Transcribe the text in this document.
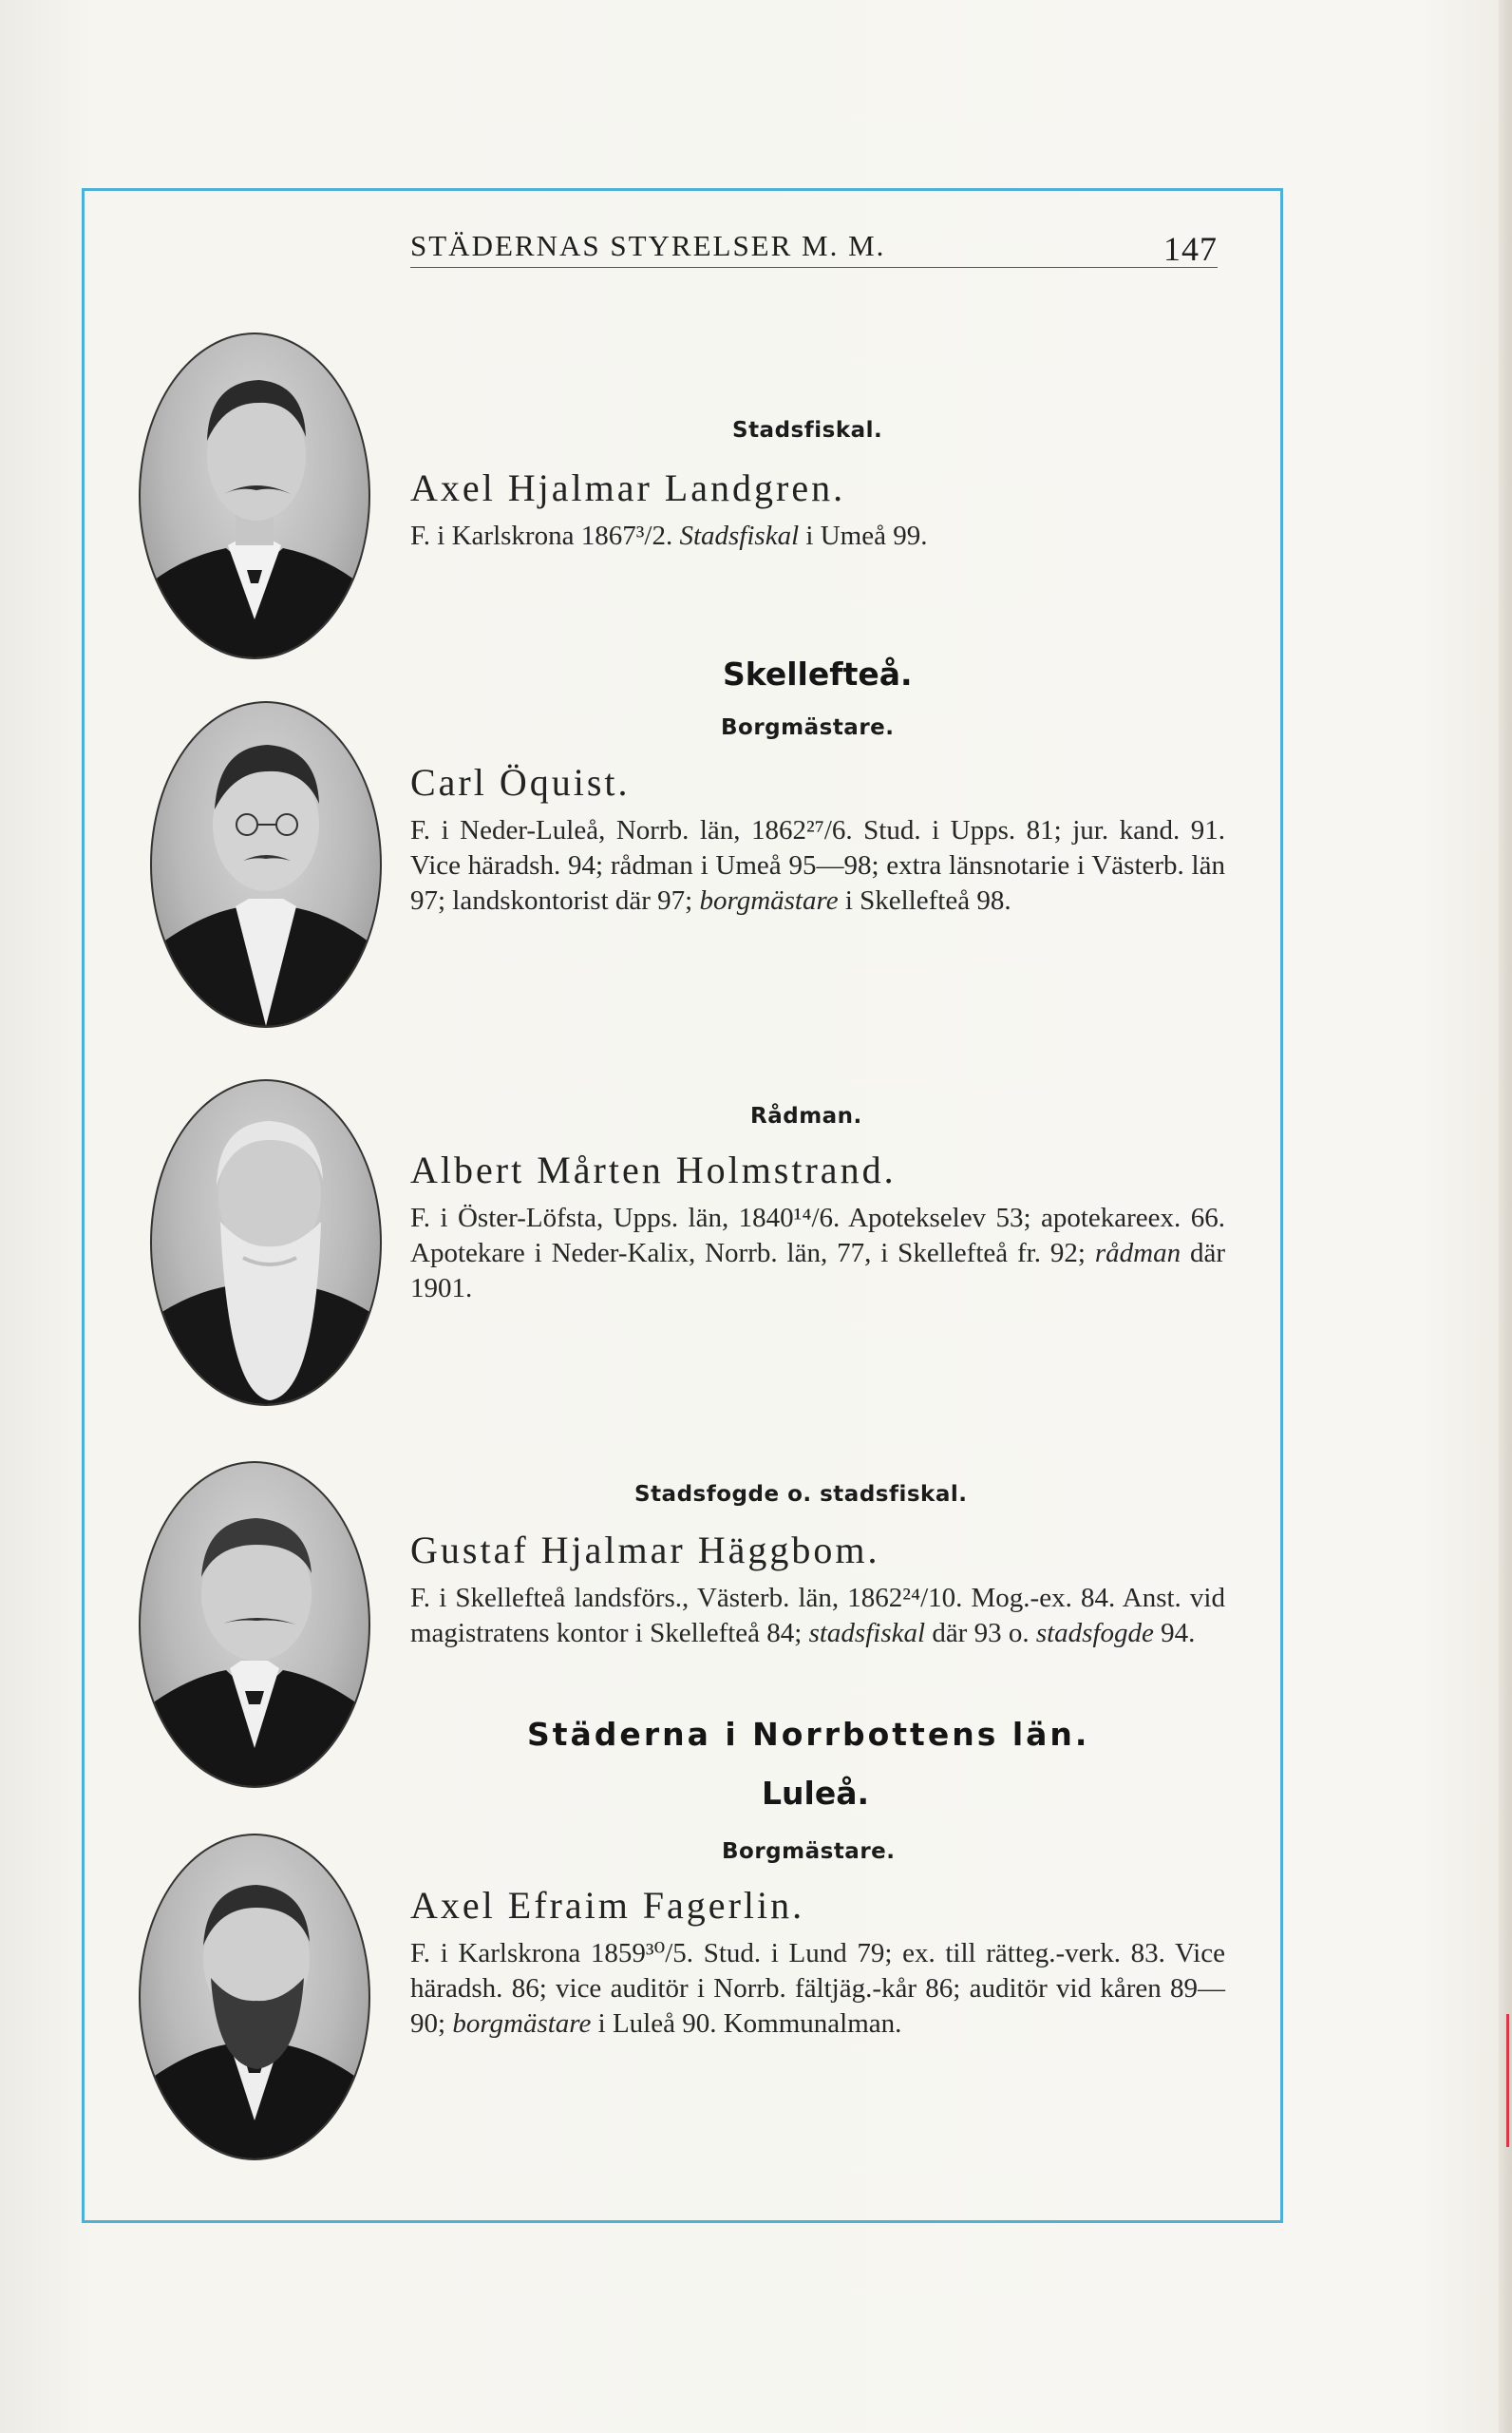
STÄDERNAS STYRELSER M. M.	147
Stadsfiskal.
Axel Hjalmar Landgren.
F. i Karlskrona 1867³/2. Stadsfiskal i Umeå 99.
Skellefteå.
Borgmästare.
Carl Öquist.
F. i Neder-Luleå, Norrb. län, 1862²⁷/6. Stud. i Upps. 81; jur. kand. 91. Vice häradsh. 94; rådman i Umeå 95—98; extra länsnotarie i Västerb. län 97; landskontorist där 97; borgmästare i Skellefteå 98.
Rådman.
Albert Mårten Holmstrand.
F. i Öster-Löfsta, Upps. län, 1840¹⁴/6. Apotekselev 53; apotekareex. 66. Apotekare i Neder-Kalix, Norrb. län, 77, i Skellefteå fr. 92; rådman där 1901.
Stadsfogde o. stadsfiskal.
Gustaf Hjalmar Häggbom.
F. i Skellefteå landsförs., Västerb. län, 1862²⁴/10. Mog.-ex. 84. Anst. vid magistratens kontor i Skellefteå 84; stadsfiskal där 93 o. stadsfogde 94.
Städerna i Norrbottens län.
Luleå.
Borgmästare.
Axel Efraim Fagerlin.
F. i Karlskrona 1859³⁰/5. Stud. i Lund 79; ex. till rätteg.-verk. 83. Vice häradsh. 86; vice auditör i Norrb. fältjäg.-kår 86; auditör vid kåren 89—90; borgmästare i Luleå 90. Kommunalman.
